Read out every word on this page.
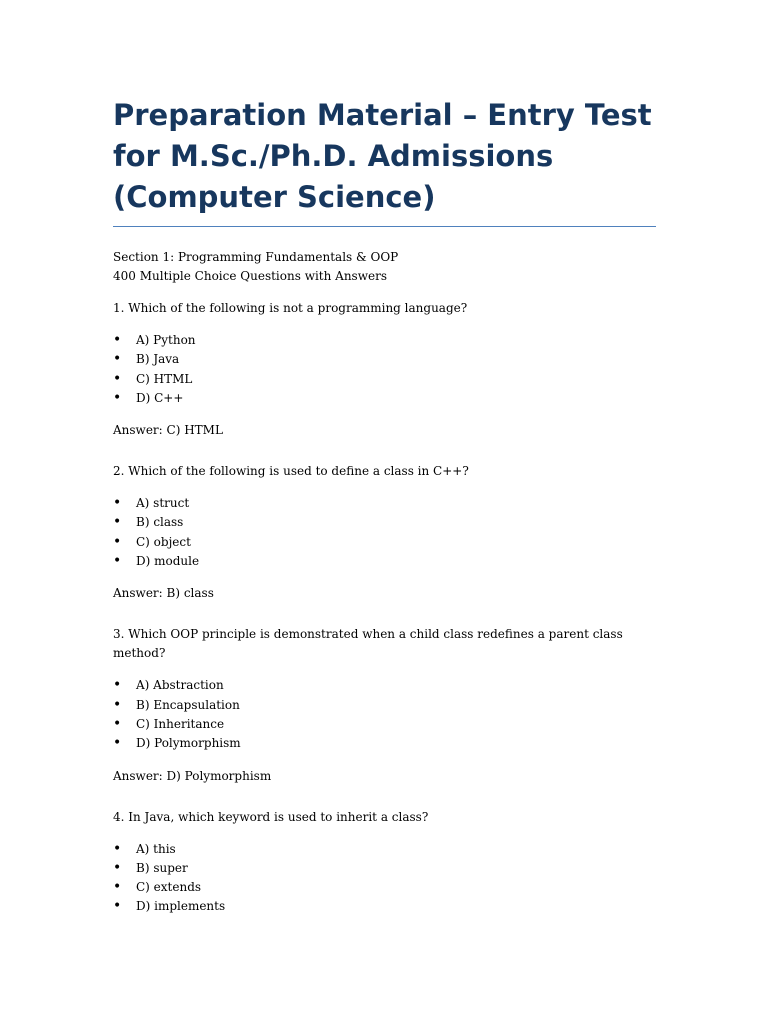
Preparation Material – Entry Test for M.Sc./Ph.D. Admissions (Computer Science)
Section 1: Programming Fundamentals & OOP
400 Multiple Choice Questions with Answers
1. Which of the following is not a programming language?
• A) Python
• B) Java
• C) HTML
• D) C++
Answer: C) HTML
2. Which of the following is used to define a class in C++?
• A) struct
• B) class
• C) object
• D) module
Answer: B) class
3. Which OOP principle is demonstrated when a child class redefines a parent class method?
• A) Abstraction
• B) Encapsulation
• C) Inheritance
• D) Polymorphism
Answer: D) Polymorphism
4. In Java, which keyword is used to inherit a class?
• A) this
• B) super
• C) extends
• D) implements
